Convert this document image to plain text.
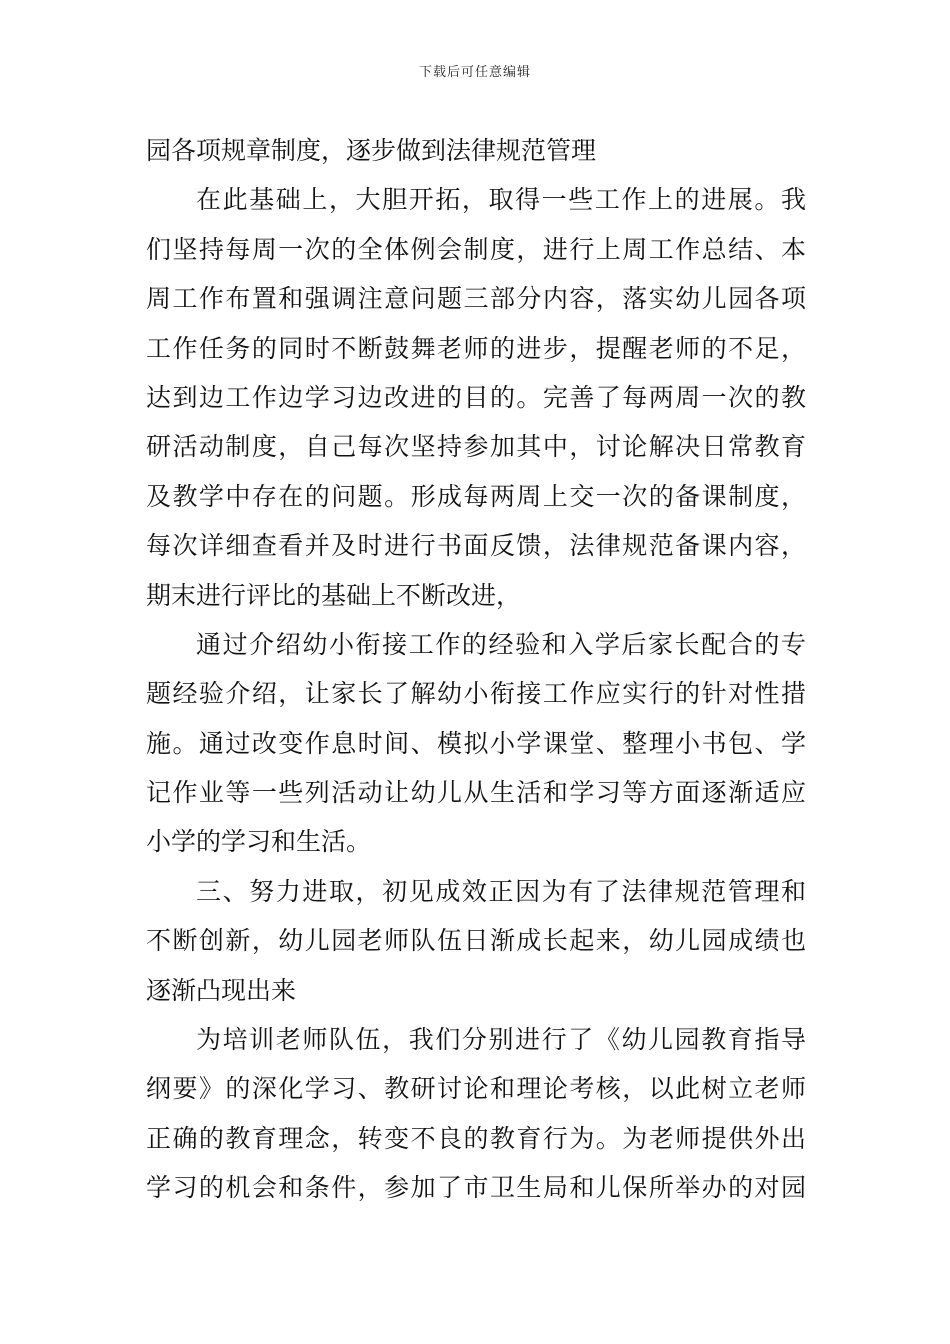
下载后可任意编辑
园各项规章制度，逐步做到法律规范管理
在此基础上，大胆开拓，取得一些工作上的进展。我
们坚持每周一次的全体例会制度，进行上周工作总结、本
周工作布置和强调注意问题三部分内容，落实幼儿园各项
工作任务的同时不断鼓舞老师的进步，提醒老师的不足，
达到边工作边学习边改进的目的。完善了每两周一次的教
研活动制度，自己每次坚持参加其中，讨论解决日常教育
及教学中存在的问题。形成每两周上交一次的备课制度，
每次详细查看并及时进行书面反馈，法律规范备课内容，
期末进行评比的基础上不断改进，
通过介绍幼小衔接工作的经验和入学后家长配合的专
题经验介绍，让家长了解幼小衔接工作应实行的针对性措
施。通过改变作息时间、模拟小学课堂、整理小书包、学
记作业等一些列活动让幼儿从生活和学习等方面逐渐适应
小学的学习和生活。
三、努力进取，初见成效正因为有了法律规范管理和
不断创新，幼儿园老师队伍日渐成长起来，幼儿园成绩也
逐渐凸现出来
为培训老师队伍，我们分别进行了《幼儿园教育指导
纲要》的深化学习、教研讨论和理论考核，以此树立老师
正确的教育理念，转变不良的教育行为。为老师提供外出
学习的机会和条件，参加了市卫生局和儿保所举办的对园
